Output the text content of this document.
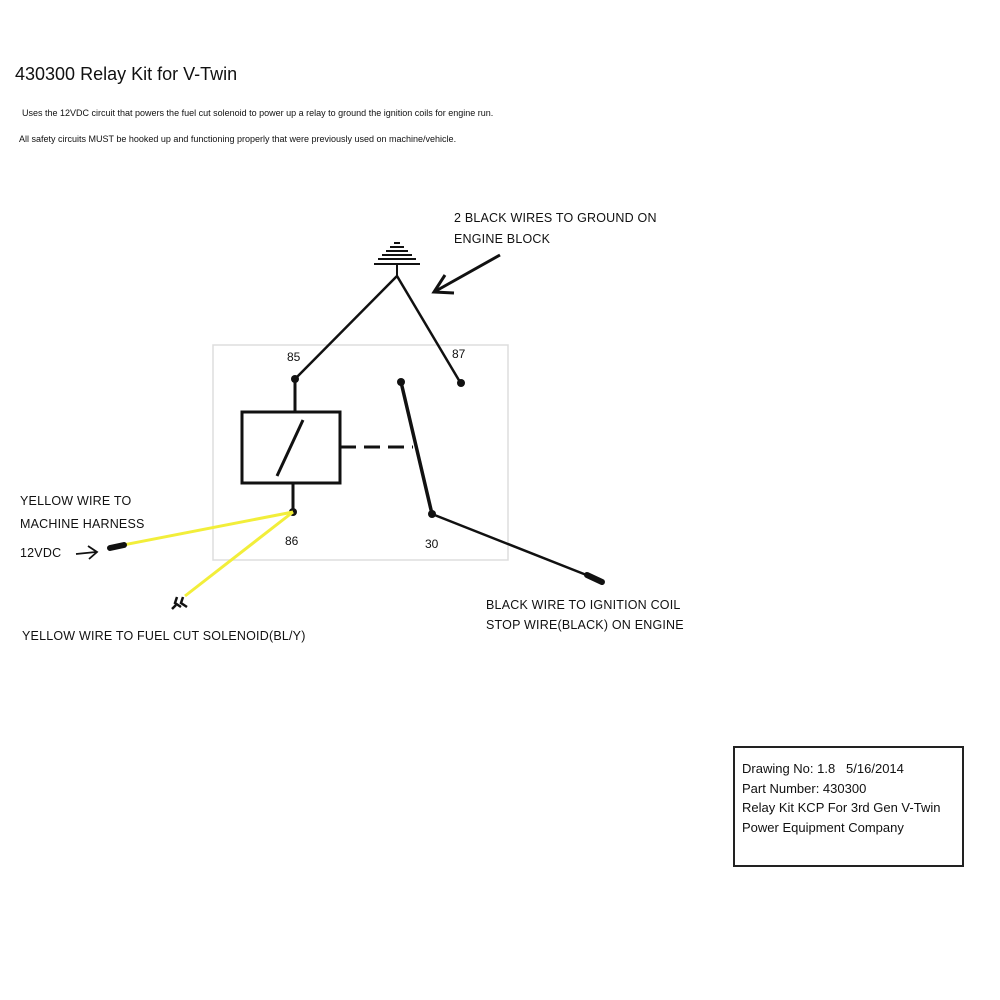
430300 Relay Kit for V-Twin
Uses the 12VDC circuit that powers the fuel cut solenoid to power up a relay to ground the ignition coils for engine run.
All safety circuits MUST be hooked up and functioning properly that were previously used on machine/vehicle.
2 BLACK WIRES TO GROUND ON
ENGINE BLOCK
85	87
86	30
YELLOW WIRE TO
MACHINE HARNESS
12VDC
YELLOW WIRE TO FUEL CUT SOLENOID(BL/Y)
BLACK WIRE TO IGNITION COIL
STOP WIRE(BLACK) ON ENGINE
Drawing No: 1.8   5/16/2014
Part Number: 430300
Relay Kit KCP For 3rd Gen V-Twin
Power Equipment Company
